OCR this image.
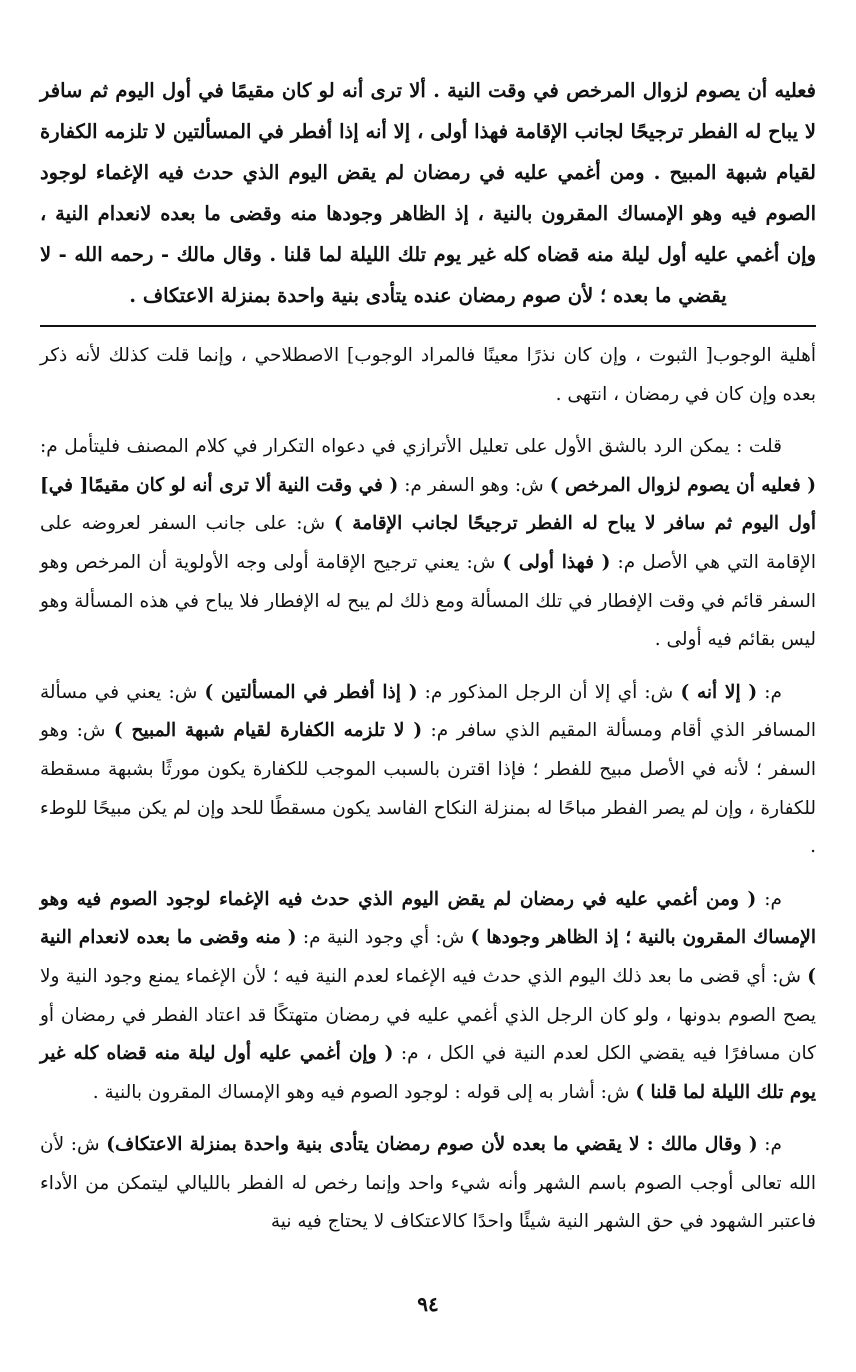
فعليه أن يصوم لزوال المرخص في وقت النية . ألا ترى أنه لو كان مقيمًا في أول اليوم ثم سافر لا يباح له الفطر ترجيحًا لجانب الإقامة فهذا أولى ، إلا أنه إذا أفطر في المسألتين لا تلزمه الكفارة لقيام شبهة المبيح . ومن أغمي عليه في رمضان لم يقض اليوم الذي حدث فيه الإغماء لوجود الصوم فيه وهو الإمساك المقرون بالنية ، إذ الظاهر وجودها منه وقضى ما بعده لانعدام النية ، وإن أغمي عليه أول ليلة منه قضاه كله غير يوم تلك الليلة لما قلنا . وقال مالك - رحمه الله - لا يقضي ما بعده ؛ لأن صوم رمضان عنده يتأدى بنية واحدة بمنزلة الاعتكاف .

أهلية الوجوب[ الثبوت ، وإن كان نذرًا معينًا فالمراد الوجوب] الاصطلاحي ، وإنما قلت كذلك لأنه ذكر بعده وإن كان في رمضان ، انتهى .

قلت : يمكن الرد بالشق الأول على تعليل الأترازي في دعواه التكرار في كلام المصنف فليتأمل م: ( فعليه أن يصوم لزوال المرخص ) ش: وهو السفر م: ( في وقت النية ألا ترى أنه لو كان مقيمًا[ في] أول اليوم ثم سافر لا يباح له الفطر ترجيحًا لجانب الإقامة ) ش: على جانب السفر لعروضه على الإقامة التي هي الأصل م: ( فهذا أولى ) ش: يعني ترجيح الإقامة أولى وجه الأولوية أن المرخص وهو السفر قائم في وقت الإفطار في تلك المسألة ومع ذلك لم يبح له الإفطار فلا يباح في هذه المسألة وهو ليس بقائم فيه أولى .

م: ( إلا أنه ) ش: أي إلا أن الرجل المذكور م: ( إذا أفطر في المسألتين ) ش: يعني في مسألة المسافر الذي أقام ومسألة المقيم الذي سافر م: ( لا تلزمه الكفارة لقيام شبهة المبيح ) ش: وهو السفر ؛ لأنه في الأصل مبيح للفطر ؛ فإذا اقترن بالسبب الموجب للكفارة يكون مورثًا بشبهة مسقطة للكفارة ، وإن لم يصر الفطر مباحًا له بمنزلة النكاح الفاسد يكون مسقطًا للحد وإن لم يكن مبيحًا للوطء .

م: ( ومن أغمي عليه في رمضان لم يقض اليوم الذي حدث فيه الإغماء لوجود الصوم فيه وهو الإمساك المقرون بالنية ؛ إذ الظاهر وجودها ) ش: أي وجود النية م: ( منه وقضى ما بعده لانعدام النية ) ش: أي قضى ما بعد ذلك اليوم الذي حدث فيه الإغماء لعدم النية فيه ؛ لأن الإغماء يمنع وجود النية ولا يصح الصوم بدونها ، ولو كان الرجل الذي أغمي عليه في رمضان متهتكًا قد اعتاد الفطر في رمضان أو كان مسافرًا فيه يقضي الكل لعدم النية في الكل ، م: ( وإن أغمي عليه أول ليلة منه قضاه كله غير يوم تلك الليلة لما قلنا ) ش: أشار به إلى قوله : لوجود الصوم فيه وهو الإمساك المقرون بالنية .

م: ( وقال مالك : لا يقضي ما بعده لأن صوم رمضان يتأدى بنية واحدة بمنزلة الاعتكاف) ش: لأن الله تعالى أوجب الصوم باسم الشهر وأنه شيء واحد وإنما رخص له الفطر بالليالي ليتمكن من الأداء فاعتبر الشهود في حق الشهر النية شيئًا واحدًا كالاعتكاف لا يحتاج فيه نية

٩٤
